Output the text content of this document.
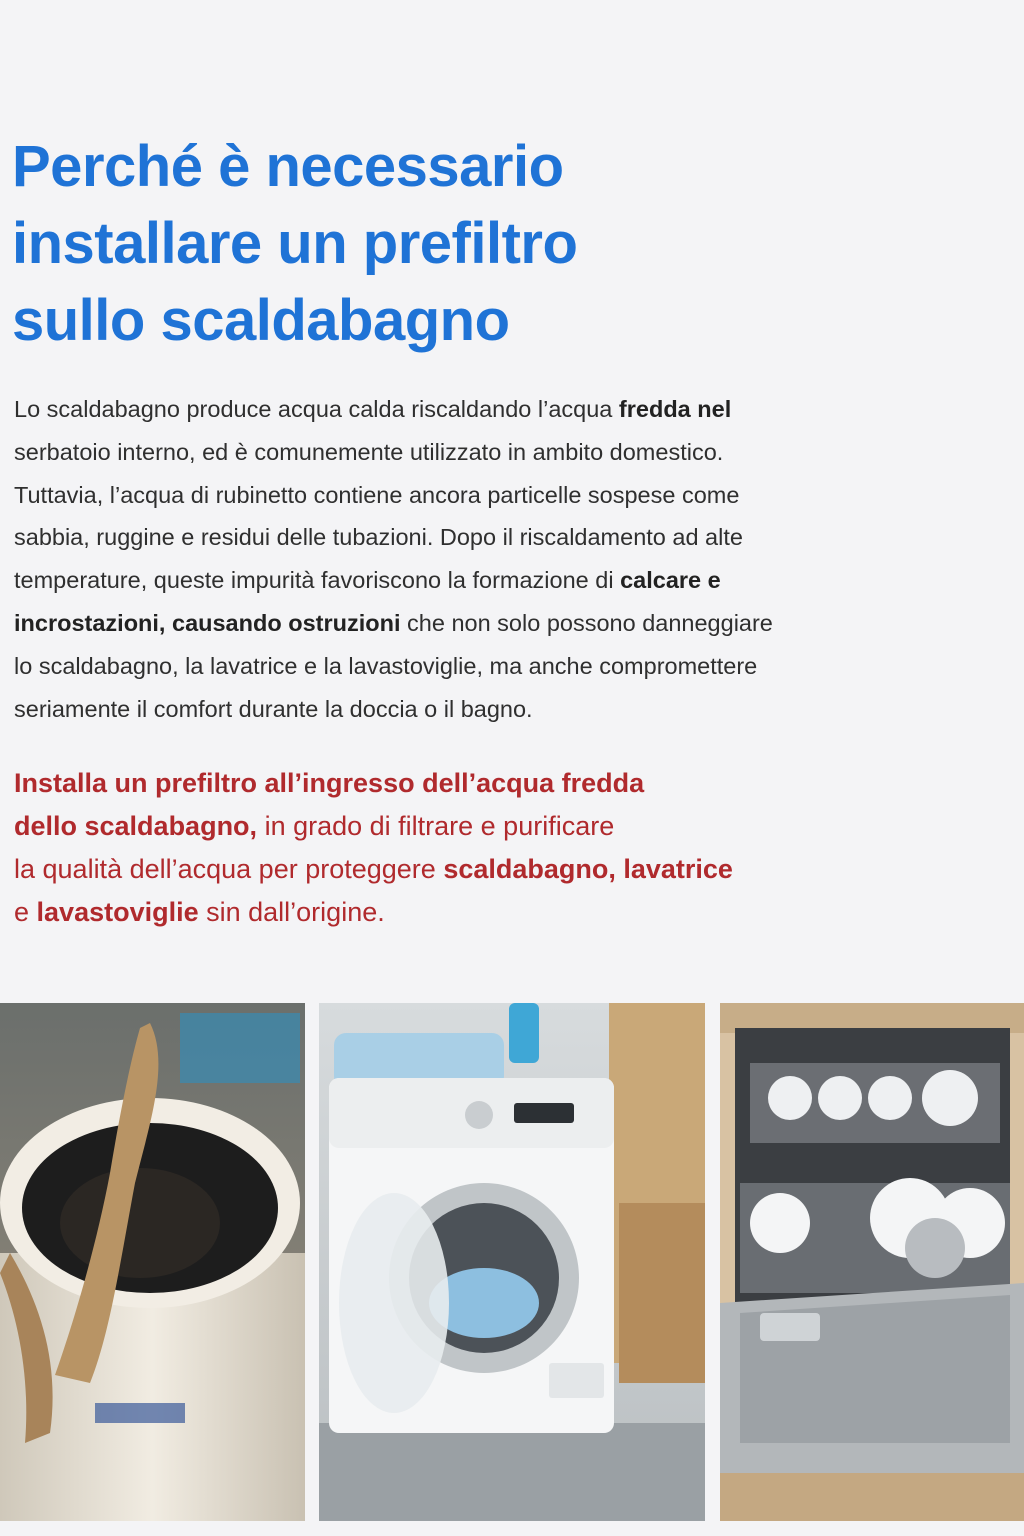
Perché è necessario
installare un prefiltro
sullo scaldabagno

Lo scaldabagno produce acqua calda riscaldando l’acqua fredda nel
serbatoio interno, ed è comunemente utilizzato in ambito domestico.
Tuttavia, l’acqua di rubinetto contiene ancora particelle sospese come
sabbia, ruggine e residui delle tubazioni. Dopo il riscaldamento ad alte
temperature, queste impurità favoriscono la formazione di calcare e
incrostazioni, causando ostruzioni che non solo possono danneggiare
lo scaldabagno, la lavatrice e la lavastoviglie, ma anche compromettere
seriamente il comfort durante la doccia o il bagno.

Installa un prefiltro all’ingresso dell’acqua fredda
dello scaldabagno, in grado di filtrare e purificare
la qualità dell’acqua per proteggere scaldabagno, lavatrice
e lavastoviglie sin dall’origine.
